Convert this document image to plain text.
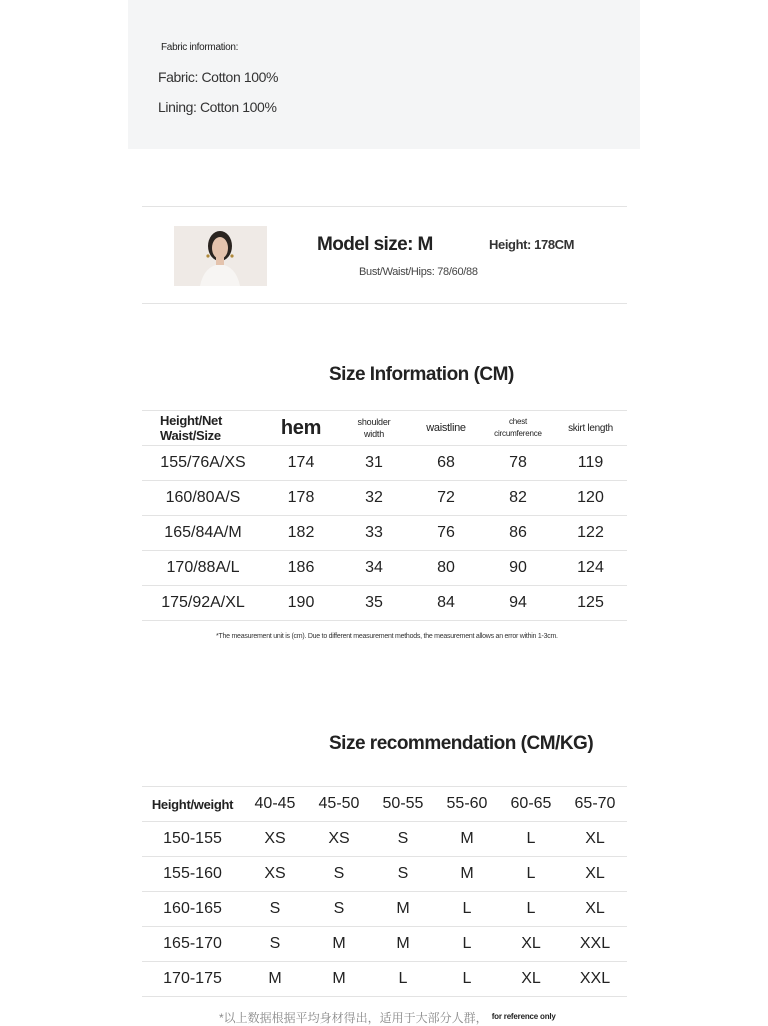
Fabric information:
Fabric: Cotton 100%
Lining: Cotton 100%
Model size: M	Height: 178CM
Bust/Waist/Hips: 78/60/88
Size Information (CM)
Height/Net Waist/Size	hem	shoulder width	waistline	chest circumference	skirt length
155/76A/XS	174	31	68	78	119
160/80A/S	178	32	72	82	120
165/84A/M	182	33	76	86	122
170/88A/L	186	34	80	90	124
175/92A/XL	190	35	84	94	125
*The measurement unit is (cm). Due to different measurement methods, the measurement allows an error within 1-3cm.
Size recommendation (CM/KG)
Height/weight	40-45	45-50	50-55	55-60	60-65	65-70
150-155	XS	XS	S	M	L	XL
155-160	XS	S	S	M	L	XL
160-165	S	S	M	L	L	XL
165-170	S	M	M	L	XL	XXL
170-175	M	M	L	L	XL	XXL
*以上数据根据平均身材得出，适用于大部分人群， $^{for reference only}$
